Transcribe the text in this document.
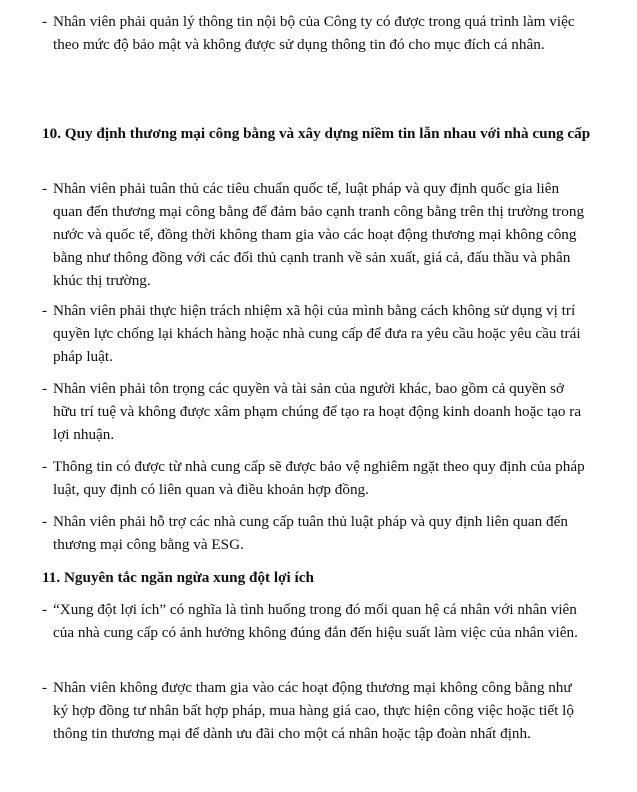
- Nhân viên phải quản lý thông tin nội bộ của Công ty có được trong quá trình làm việc theo mức độ bảo mật và không được sử dụng thông tin đó cho mục đích cá nhân.

10. Quy định thương mại công bằng và xây dựng niềm tin lẫn nhau với nhà cung cấp

- Nhân viên phải tuân thủ các tiêu chuẩn quốc tế, luật pháp và quy định quốc gia liên quan đến thương mại công bằng để đảm bảo cạnh tranh công bằng trên thị trường trong nước và quốc tế, đồng thời không tham gia vào các hoạt động thương mại không công bằng như thông đồng với các đối thủ cạnh tranh về sản xuất, giá cả, đấu thầu và phân khúc thị trường.

- Nhân viên phải thực hiện trách nhiệm xã hội của mình bằng cách không sử dụng vị trí quyền lực chống lại khách hàng hoặc nhà cung cấp để đưa ra yêu cầu hoặc yêu cầu trái pháp luật.

- Nhân viên phải tôn trọng các quyền và tài sản của người khác, bao gồm cả quyền sở hữu trí tuệ và không được xâm phạm chúng để tạo ra hoạt động kinh doanh hoặc tạo ra lợi nhuận.

- Thông tin có được từ nhà cung cấp sẽ được bảo vệ nghiêm ngặt theo quy định của pháp luật, quy định có liên quan và điều khoản hợp đồng.

- Nhân viên phải hỗ trợ các nhà cung cấp tuân thủ luật pháp và quy định liên quan đến thương mại công bằng và ESG.

11. Nguyên tắc ngăn ngừa xung đột lợi ích

- “Xung đột lợi ích” có nghĩa là tình huống trong đó mối quan hệ cá nhân với nhân viên của nhà cung cấp có ảnh hưởng không đúng đắn đến hiệu suất làm việc của nhân viên.

- Nhân viên không được tham gia vào các hoạt động thương mại không công bằng như ký hợp đồng tư nhân bất hợp pháp, mua hàng giá cao, thực hiện công việc hoặc tiết lộ thông tin thương mại để dành ưu đãi cho một cá nhân hoặc tập đoàn nhất định.
